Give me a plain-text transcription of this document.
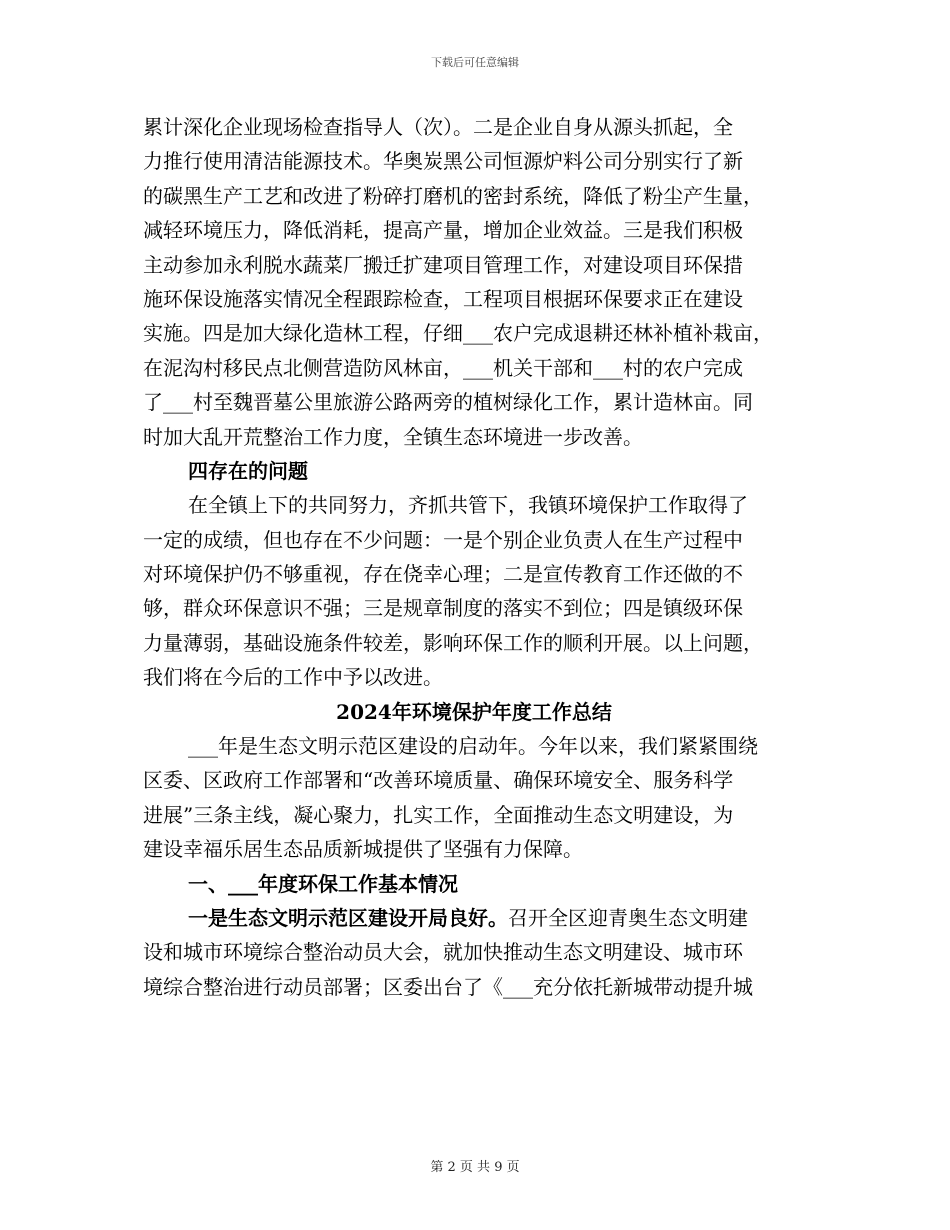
下载后可任意编辑
累计深化企业现场检查指导人（次）。二是企业自身从源头抓起，全
力推行使用清洁能源技术。华奥炭黑公司恒源炉料公司分别实行了新
的碳黑生产工艺和改进了粉碎打磨机的密封系统，降低了粉尘产生量，
减轻环境压力，降低消耗，提高产量，增加企业效益。三是我们积极
主动参加永利脱水蔬菜厂搬迁扩建项目管理工作，对建设项目环保措
施环保设施落实情况全程跟踪检查，工程项目根据环保要求正在建设
实施。四是加大绿化造林工程，仔细___农户完成退耕还林补植补栽亩，
在泥沟村移民点北侧营造防风林亩，___机关干部和___村的农户完成
了___村至魏晋墓公里旅游公路两旁的植树绿化工作，累计造林亩。同
时加大乱开荒整治工作力度，全镇生态环境进一步改善。
四存在的问题
在全镇上下的共同努力，齐抓共管下，我镇环境保护工作取得了
一定的成绩，但也存在不少问题：一是个别企业负责人在生产过程中
对环境保护仍不够重视，存在侥幸心理；二是宣传教育工作还做的不
够，群众环保意识不强；三是规章制度的落实不到位；四是镇级环保
力量薄弱，基础设施条件较差，影响环保工作的顺利开展。以上问题，
我们将在今后的工作中予以改进。
2024年环境保护年度工作总结
___年是生态文明示范区建设的启动年。今年以来，我们紧紧围绕
区委、区政府工作部署和“改善环境质量、确保环境安全、服务科学
进展”三条主线，凝心聚力，扎实工作，全面推动生态文明建设，为
建设幸福乐居生态品质新城提供了坚强有力保障。
一、___年度环保工作基本情况
一是生态文明示范区建设开局良好。召开全区迎青奥生态文明建
设和城市环境综合整治动员大会，就加快推动生态文明建设、城市环
境综合整治进行动员部署；区委出台了《___充分依托新城带动提升城
第 2 页 共 9 页
